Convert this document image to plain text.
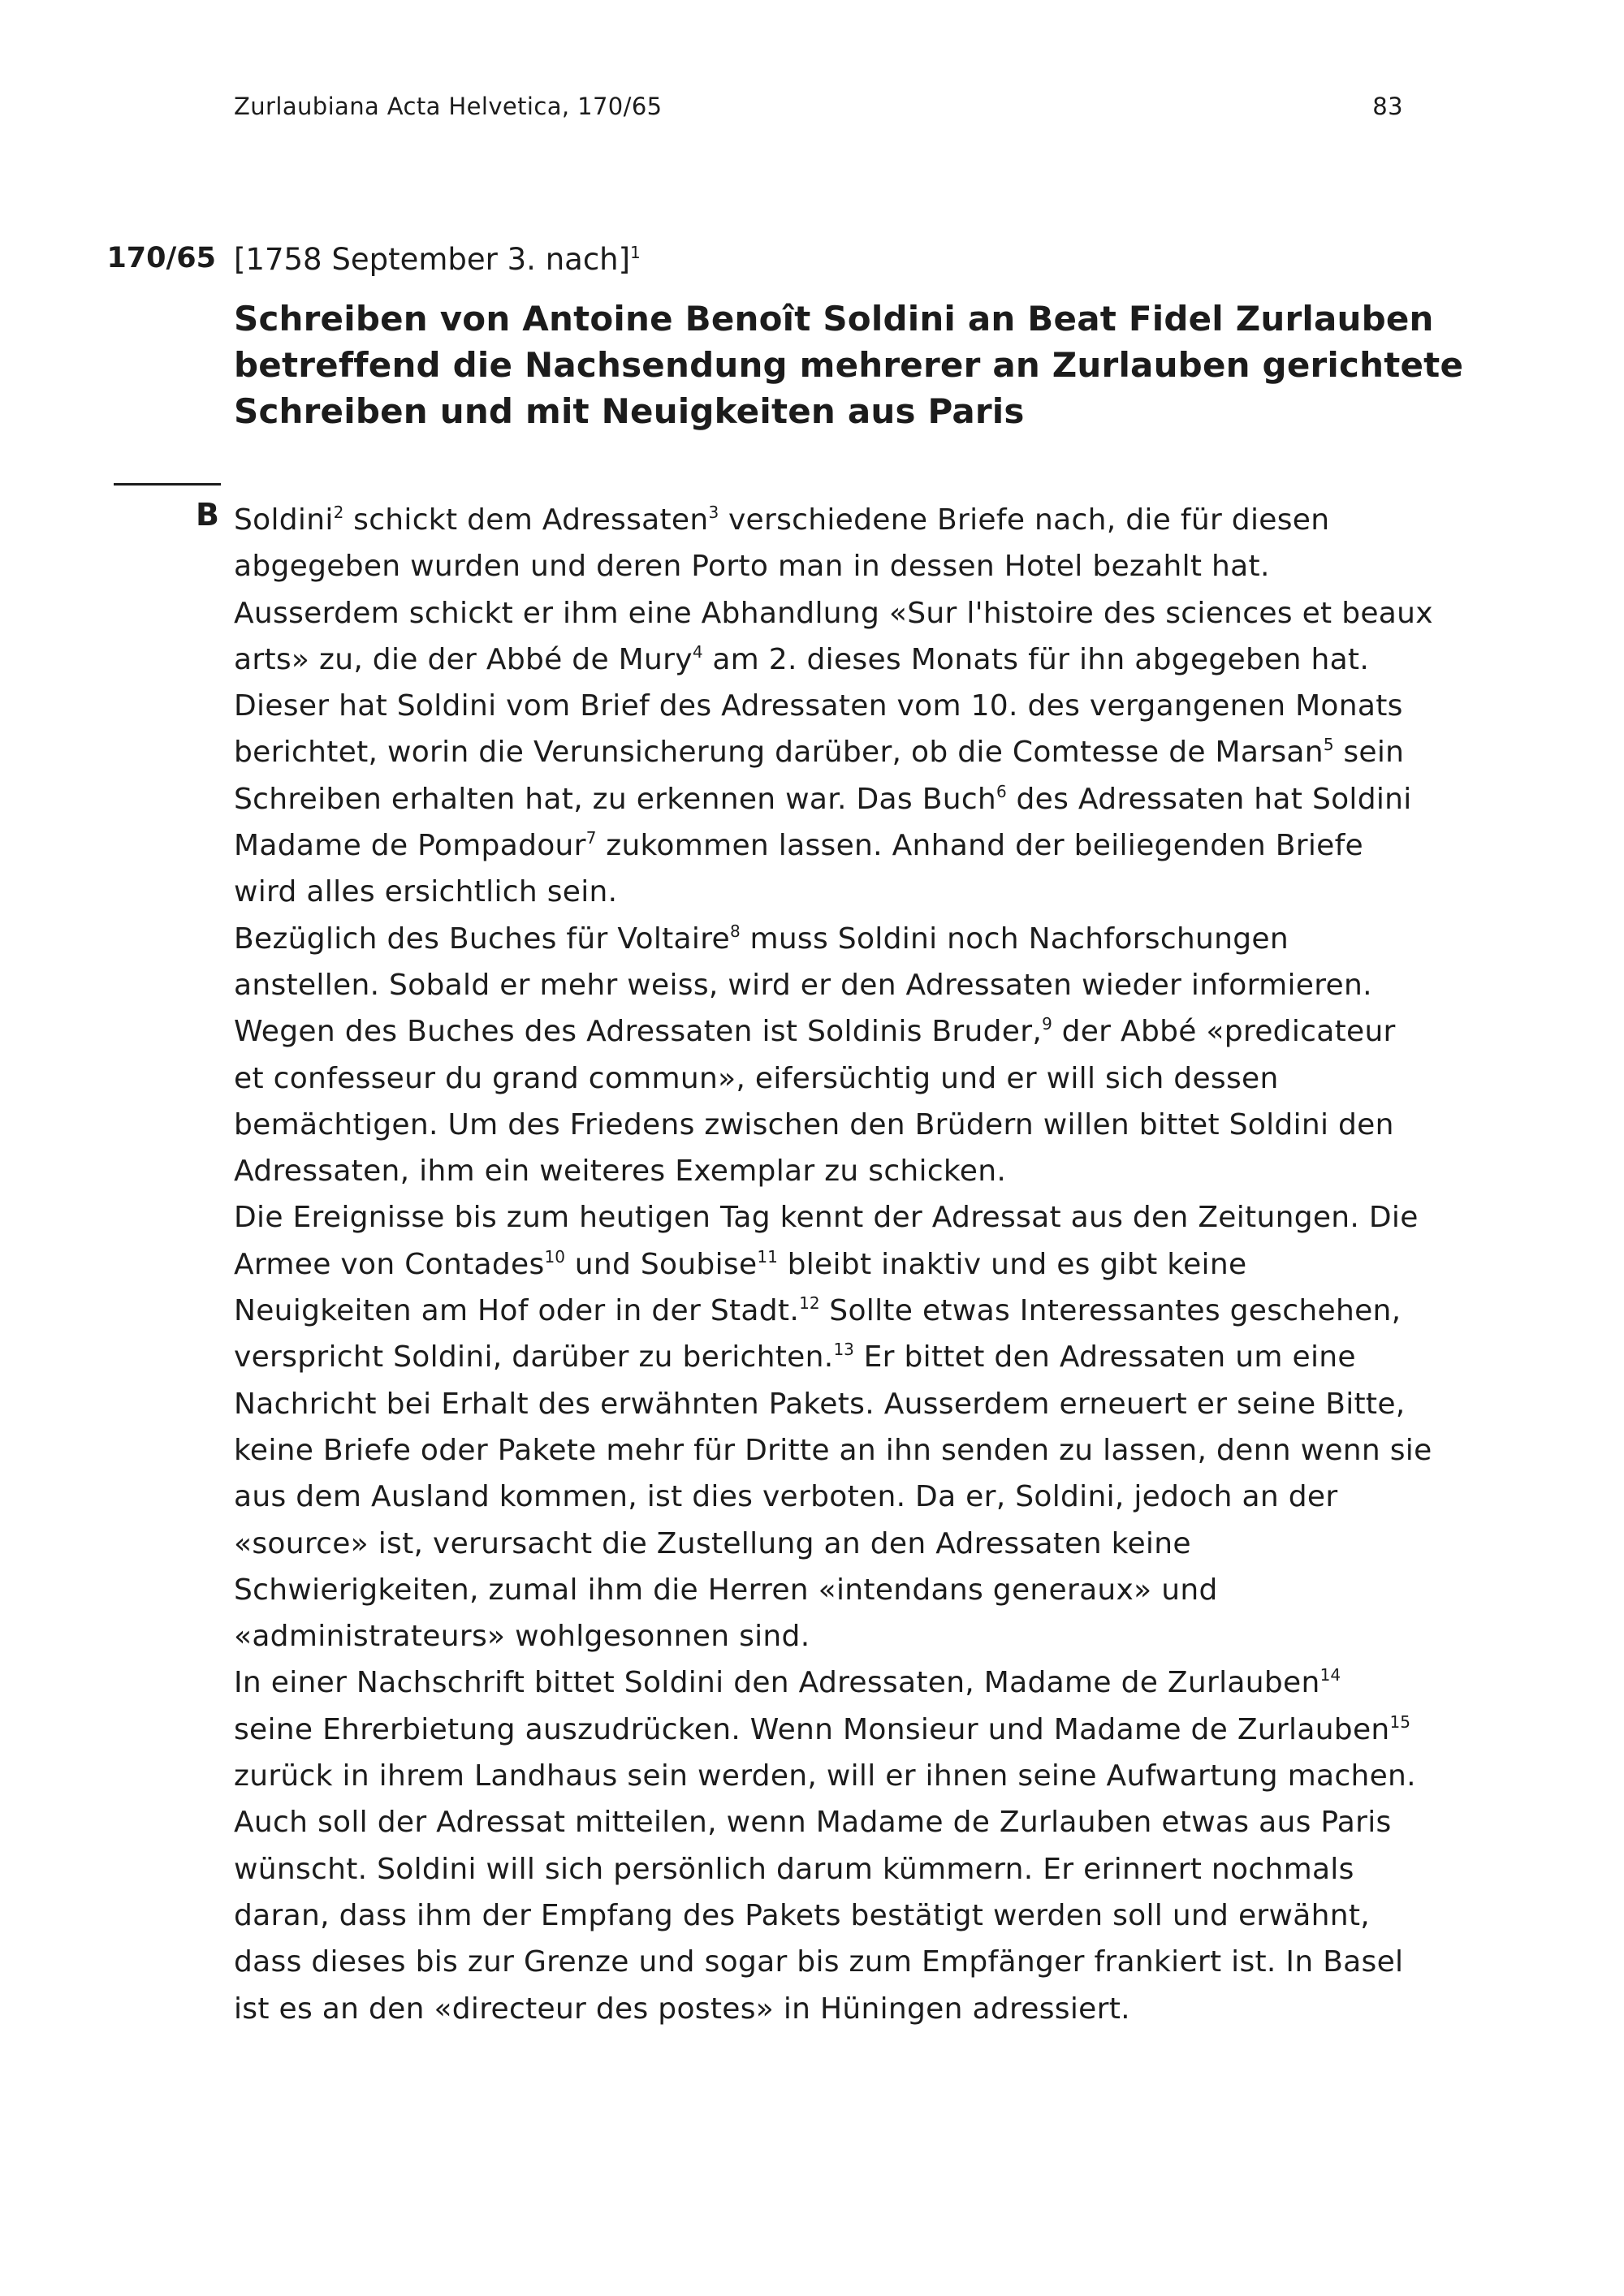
Zurlaubiana Acta Helvetica, 170/65	83
170/65 [1758 September 3. nach]$^1$
Schreiben von Antoine Benoît Soldini an Beat Fidel Zurlauben
betreffend die Nachsendung mehrerer an Zurlauben gerichtete
Schreiben und mit Neuigkeiten aus Paris
B Soldini$^2$ schickt dem Adressaten$^3$ verschiedene Briefe nach, die für diesen
abgegeben wurden und deren Porto man in dessen Hotel bezahlt hat.
Ausserdem schickt er ihm eine Abhandlung «Sur l'histoire des sciences et beaux
arts» zu, die der Abbé de Mury$^4$ am 2. dieses Monats für ihn abgegeben hat.
Dieser hat Soldini vom Brief des Adressaten vom 10. des vergangenen Monats
berichtet, worin die Verunsicherung darüber, ob die Comtesse de Marsan$^5$ sein
Schreiben erhalten hat, zu erkennen war. Das Buch$^6$ des Adressaten hat Soldini
Madame de Pompadour$^7$ zukommen lassen. Anhand der beiliegenden Briefe
wird alles ersichtlich sein.
Bezüglich des Buches für Voltaire$^8$ muss Soldini noch Nachforschungen
anstellen. Sobald er mehr weiss, wird er den Adressaten wieder informieren.
Wegen des Buches des Adressaten ist Soldinis Bruder,$^9$ der Abbé «predicateur
et confesseur du grand commun», eifersüchtig und er will sich dessen
bemächtigen. Um des Friedens zwischen den Brüdern willen bittet Soldini den
Adressaten, ihm ein weiteres Exemplar zu schicken.
Die Ereignisse bis zum heutigen Tag kennt der Adressat aus den Zeitungen. Die
Armee von Contades$^{10}$ und Soubise$^{11}$ bleibt inaktiv und es gibt keine
Neuigkeiten am Hof oder in der Stadt.$^{12}$ Sollte etwas Interessantes geschehen,
verspricht Soldini, darüber zu berichten.$^{13}$ Er bittet den Adressaten um eine
Nachricht bei Erhalt des erwähnten Pakets. Ausserdem erneuert er seine Bitte,
keine Briefe oder Pakete mehr für Dritte an ihn senden zu lassen, denn wenn sie
aus dem Ausland kommen, ist dies verboten. Da er, Soldini, jedoch an der
«source» ist, verursacht die Zustellung an den Adressaten keine
Schwierigkeiten, zumal ihm die Herren «intendans generaux» und
«administrateurs» wohlgesonnen sind.
In einer Nachschrift bittet Soldini den Adressaten, Madame de Zurlauben$^{14}$
seine Ehrerbietung auszudrücken. Wenn Monsieur und Madame de Zurlauben$^{15}$
zurück in ihrem Landhaus sein werden, will er ihnen seine Aufwartung machen.
Auch soll der Adressat mitteilen, wenn Madame de Zurlauben etwas aus Paris
wünscht. Soldini will sich persönlich darum kümmern. Er erinnert nochmals
daran, dass ihm der Empfang des Pakets bestätigt werden soll und erwähnt,
dass dieses bis zur Grenze und sogar bis zum Empfänger frankiert ist. In Basel
ist es an den «directeur des postes» in Hüningen adressiert.
